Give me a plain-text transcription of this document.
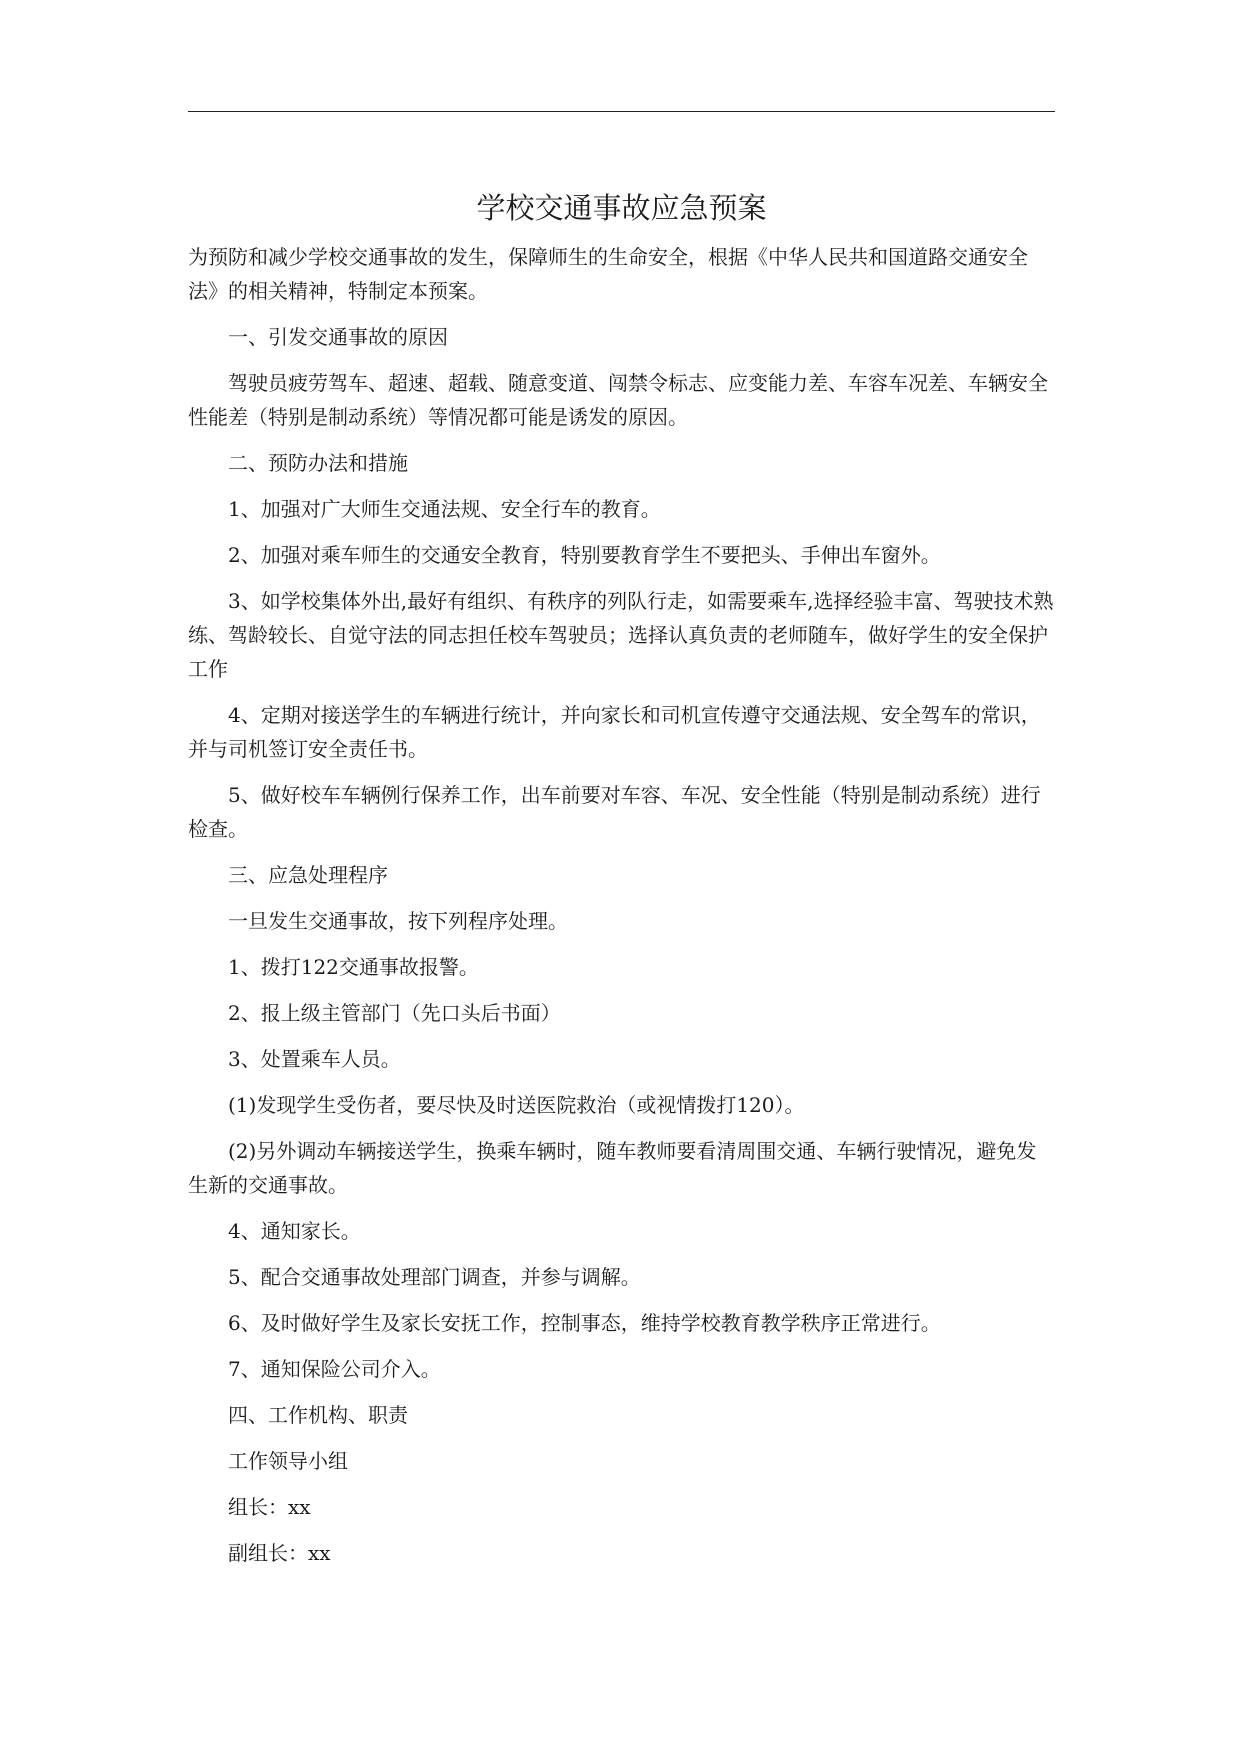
学校交通事故应急预案

为预防和减少学校交通事故的发生，保障师生的生命安全，根据《中华人民共和国道路交通安全法》的相关精神，特制定本预案。

一、引发交通事故的原因

驾驶员疲劳驾车、超速、超载、随意变道、闯禁令标志、应变能力差、车容车况差、车辆安全性能差（特别是制动系统）等情况都可能是诱发的原因。

二、预防办法和措施

1、加强对广大师生交通法规、安全行车的教育。

2、加强对乘车师生的交通安全教育，特别要教育学生不要把头、手伸出车窗外。

3、如学校集体外出,最好有组织、有秩序的列队行走，如需要乘车,选择经验丰富、驾驶技术熟练、驾龄较长、自觉守法的同志担任校车驾驶员；选择认真负责的老师随车，做好学生的安全保护工作

4、定期对接送学生的车辆进行统计，并向家长和司机宣传遵守交通法规、安全驾车的常识，并与司机签订安全责任书。

5、做好校车车辆例行保养工作，出车前要对车容、车况、安全性能（特别是制动系统）进行检查。

三、应急处理程序

一旦发生交通事故，按下列程序处理。

1、拨打122交通事故报警。

2、报上级主管部门（先口头后书面）

3、处置乘车人员。

(1)发现学生受伤者，要尽快及时送医院救治（或视情拨打120）。

(2)另外调动车辆接送学生，换乘车辆时，随车教师要看清周围交通、车辆行驶情况，避免发生新的交通事故。

4、通知家长。

5、配合交通事故处理部门调查，并参与调解。

6、及时做好学生及家长安抚工作，控制事态，维持学校教育教学秩序正常进行。

7、通知保险公司介入。

四、工作机构、职责

工作领导小组

组长：xx

副组长：xx
